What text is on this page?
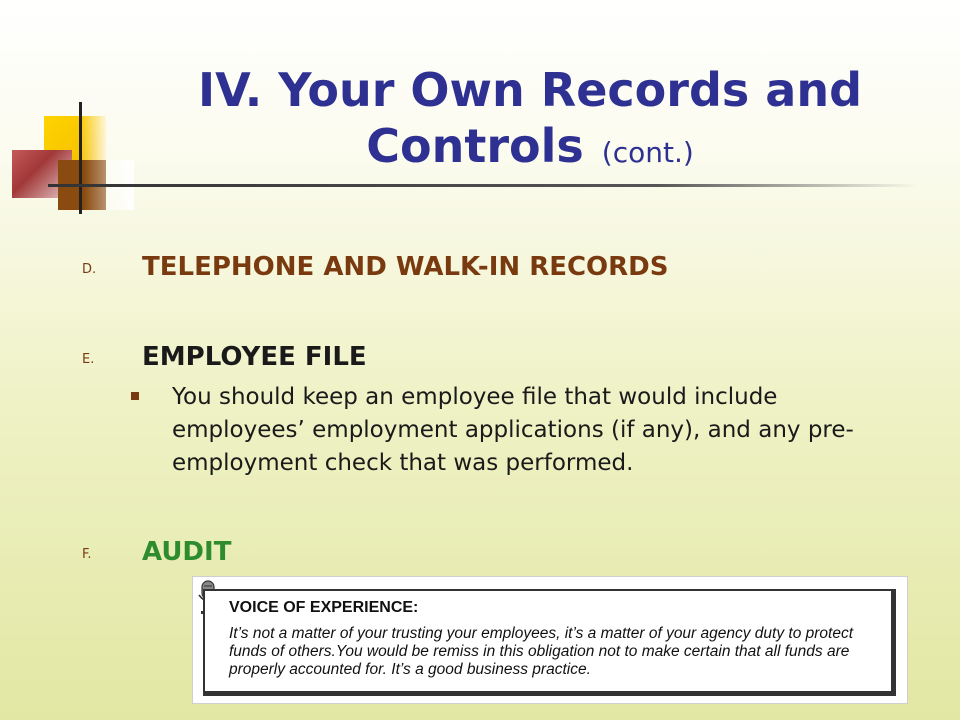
IV. Your Own Records and Controls (cont.)
D. TELEPHONE AND WALK-IN RECORDS
E. EMPLOYEE FILE
You should keep an employee file that would include employees’ employment applications (if any), and any pre-employment check that was performed.
F. AUDIT
VOICE OF EXPERIENCE:
It’s not a matter of your trusting your employees, it’s a matter of your agency duty to protect funds of others.You would be remiss in this obligation not to make certain that all funds are properly accounted for. It’s a good business practice.
